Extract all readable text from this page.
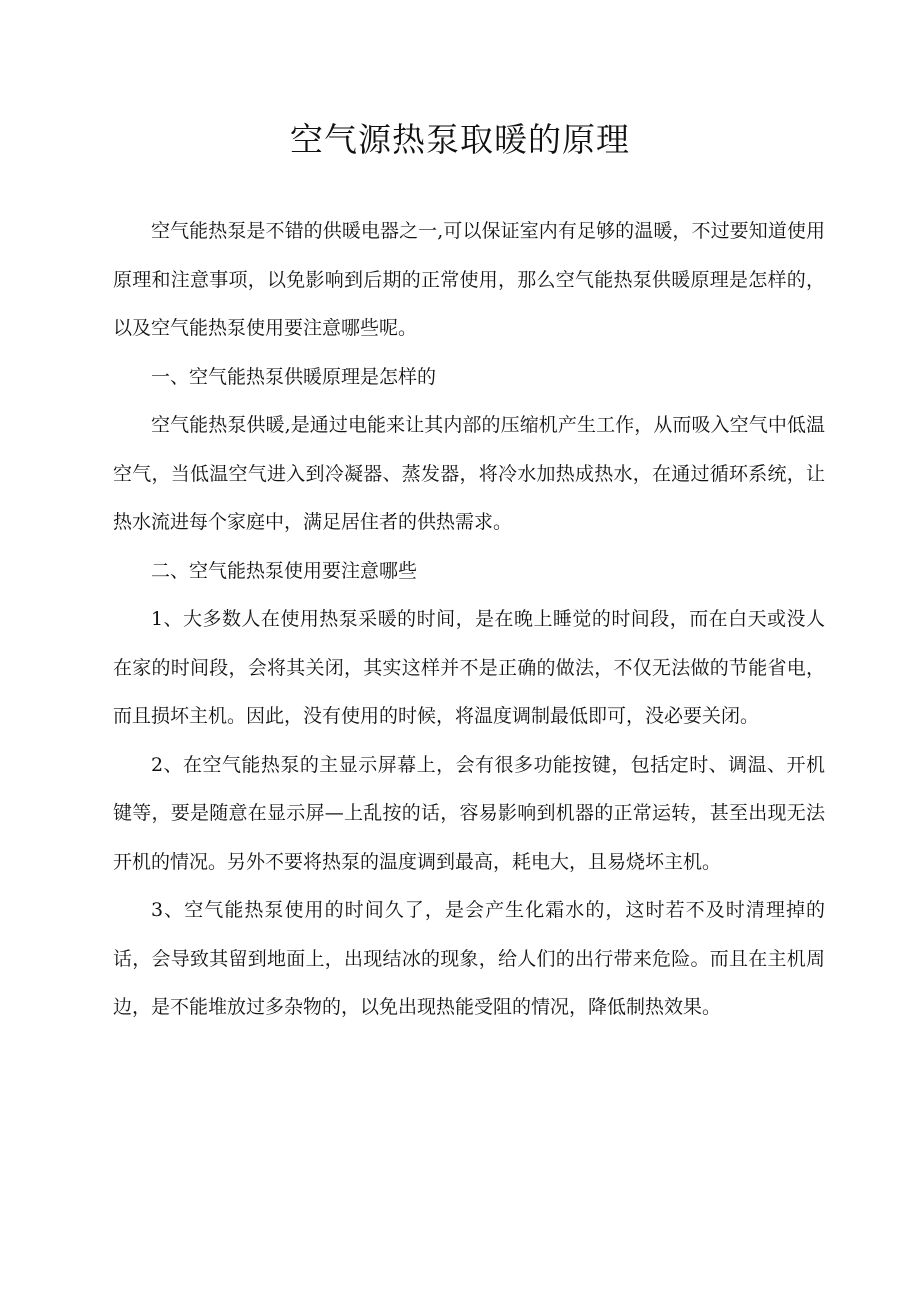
空气源热泵取暖的原理

空气能热泵是不错的供暖电器之一,可以保证室内有足够的温暖，不过要知道使用原理和注意事项，以免影响到后期的正常使用，那么空气能热泵供暖原理是怎样的，以及空气能热泵使用要注意哪些呢。

一、空气能热泵供暖原理是怎样的

空气能热泵供暖,是通过电能来让其内部的压缩机产生工作，从而吸入空气中低温空气，当低温空气进入到冷凝器、蒸发器，将冷水加热成热水，在通过循环系统，让热水流进每个家庭中，满足居住者的供热需求。

二、空气能热泵使用要注意哪些

1、大多数人在使用热泵采暖的时间，是在晚上睡觉的时间段，而在白天或没人在家的时间段，会将其关闭，其实这样并不是正确的做法，不仅无法做的节能省电，而且损坏主机。因此，没有使用的时候，将温度调制最低即可，没必要关闭。

2、在空气能热泵的主显示屏幕上，会有很多功能按键，包括定时、调温、开机键等，要是随意在显示屏—上乱按的话，容易影响到机器的正常运转，甚至出现无法开机的情况。另外不要将热泵的温度调到最高，耗电大，且易烧坏主机。

3、空气能热泵使用的时间久了，是会产生化霜水的，这时若不及时清理掉的话，会导致其留到地面上，出现结冰的现象，给人们的出行带来危险。而且在主机周边，是不能堆放过多杂物的，以免出现热能受阻的情况，降低制热效果。
